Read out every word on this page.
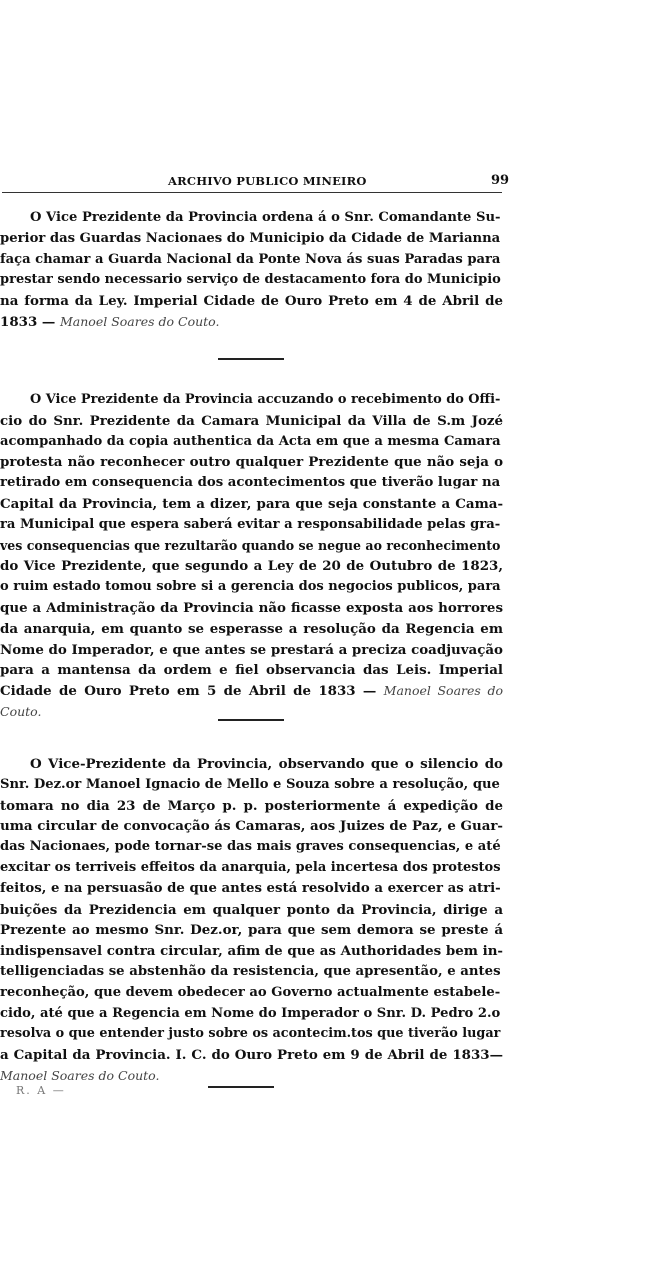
ARCHIVO PUBLICO MINEIRO	99
O Vice Prezidente da Provincia ordena á o Snr. Comandante Su-
perior das Guardas Nacionaes do Municipio da Cidade de Marianna
faça chamar a Guarda Nacional da Ponte Nova ás suas Paradas para
prestar sendo necessario serviço de destacamento fora do Municipio
na forma da Ley. Imperial Cidade de Ouro Preto em 4 de Abril de
1833 — Manoel Soares do Couto.
O Vice Prezidente da Provincia accuzando o recebimento do Offi-
cio do Snr. Prezidente da Camara Municipal da Villa de S.m Jozé
acompanhado da copia authentica da Acta em que a mesma Camara
protesta não reconhecer outro qualquer Prezidente que não seja o
retirado em consequencia dos acontecimentos que tiverão lugar na
Capital da Provincia, tem a dizer, para que seja constante a Cama-
ra Municipal que espera saberá evitar a responsabilidade pelas gra-
ves consequencias que rezultarão quando se negue ao reconhecimento
do Vice Prezidente, que segundo a Ley de 20 de Outubro de 1823,
o ruim estado tomou sobre si a gerencia dos negocios publicos, para
que a Administração da Provincia não ficasse exposta aos horrores
da anarquia, em quanto se esperasse a resolução da Regencia em
Nome do Imperador, e que antes se prestará a preciza coadjuvação
para a mantensa da ordem e fiel observancia das Leis. Imperial
Cidade de Ouro Preto em 5 de Abril de 1833 — Manoel Soares do
Couto.
O Vice-Prezidente da Provincia, observando que o silencio do
Snr. Dez.or Manoel Ignacio de Mello e Souza sobre a resolução, que
tomara no dia 23 de Março p. p. posteriormente á expedição de
uma circular de convocação ás Camaras, aos Juizes de Paz, e Guar-
das Nacionaes, pode tornar-se das mais graves consequencias, e até
excitar os terriveis effeitos da anarquia, pela incertesa dos protestos
feitos, e na persuasão de que antes está resolvido a exercer as atri-
buições da Prezidencia em qualquer ponto da Provincia, dirige a
Prezente ao mesmo Snr. Dez.or, para que sem demora se preste á
indispensavel contra circular, afim de que as Authoridades bem in-
telligenciadas se abstenhão da resistencia, que apresentão, e antes
reconheção, que devem obedecer ao Governo actualmente estabele-
cido, até que a Regencia em Nome do Imperador o Snr. D. Pedro 2.o
resolva o que entender justo sobre os acontecim.tos que tiverão lugar
a Capital da Provincia. I. C. do Ouro Preto em 9 de Abril de 1833—
Manoel Soares do Couto.
R. A —
